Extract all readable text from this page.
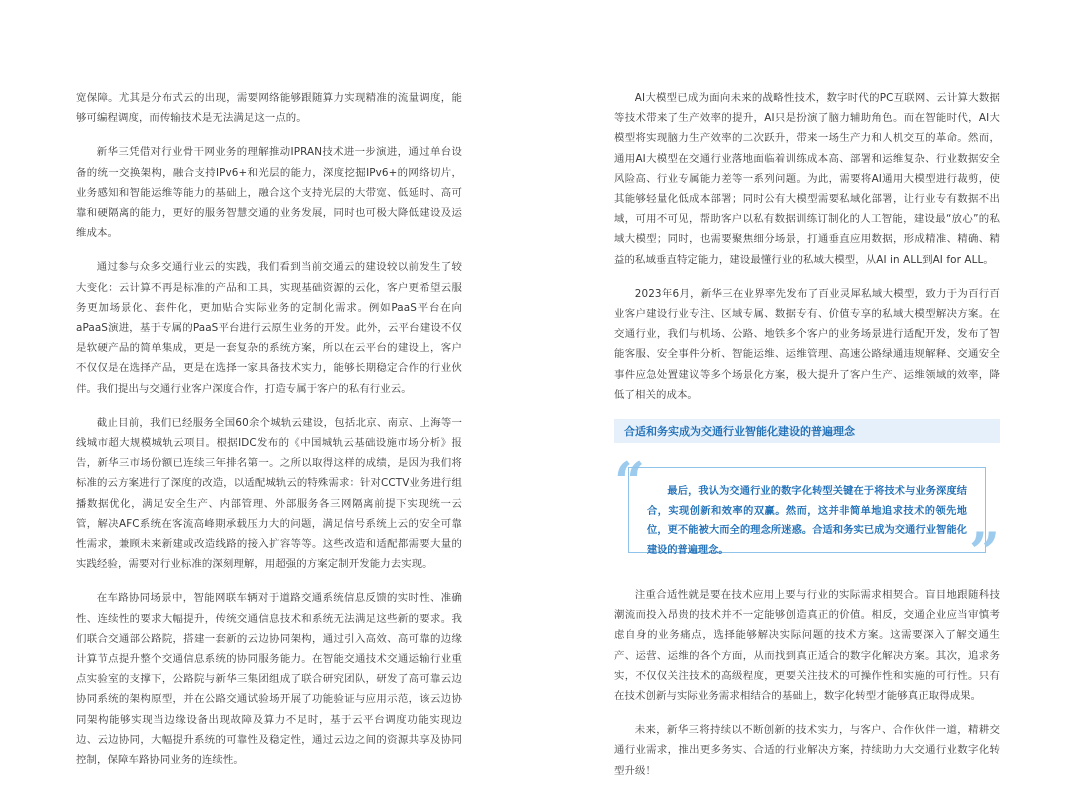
宽保障。尤其是分布式云的出现，需要网络能够跟随算力实现精准的流量调度，能够可编程调度，而传输技术是无法满足这一点的。

新华三凭借对行业骨干网业务的理解推动IPRAN技术进一步演进，通过单台设备的统一交换架构，融合支持IPv6+和光层的能力，深度挖掘IPv6+的网络切片，业务感知和智能运维等能力的基础上，融合这个支持光层的大带宽、低延时、高可靠和硬隔离的能力，更好的服务智慧交通的业务发展，同时也可极大降低建设及运维成本。

通过参与众多交通行业云的实践，我们看到当前交通云的建设较以前发生了较大变化：云计算不再是标准的产品和工具，实现基础资源的云化，客户更希望云服务更加场景化、套件化，更加贴合实际业务的定制化需求。例如PaaS平台在向aPaaS演进，基于专属的PaaS平台进行云原生业务的开发。此外，云平台建设不仅是软硬产品的简单集成，更是一套复杂的系统方案，所以在云平台的建设上，客户不仅仅是在选择产品，更是在选择一家具备技术实力，能够长期稳定合作的行业伙伴。我们提出与交通行业客户深度合作，打造专属于客户的私有行业云。

截止目前，我们已经服务全国60余个城轨云建设，包括北京、南京、上海等一线城市超大规模城轨云项目。根据IDC发布的《中国城轨云基础设施市场分析》报告，新华三市场份额已连续三年排名第一。之所以取得这样的成绩，是因为我们将标准的云方案进行了深度的改造，以适配城轨云的特殊需求：针对CCTV业务进行组播数据优化，满足安全生产、内部管理、外部服务各三网隔离前提下实现统一云管，解决AFC系统在客流高峰期承载压力大的问题，满足信号系统上云的安全可靠性需求，兼顾未来新建或改造线路的接入扩容等等。这些改造和适配都需要大量的实践经验，需要对行业标准的深刻理解，用超强的方案定制开发能力去实现。

在车路协同场景中，智能网联车辆对于道路交通系统信息反馈的实时性、准确性、连续性的要求大幅提升，传统交通信息技术和系统无法满足这些新的要求。我们联合交通部公路院，搭建一套新的云边协同架构，通过引入高效、高可靠的边缘计算节点提升整个交通信息系统的协同服务能力。在智能交通技术交通运输行业重点实验室的支撑下，公路院与新华三集团组成了联合研究团队，研发了高可靠云边协同系统的架构原型，并在公路交通试验场开展了功能验证与应用示范，该云边协同架构能够实现当边缘设备出现故障及算力不足时，基于云平台调度功能实现边边、云边协同，大幅提升系统的可靠性及稳定性，通过云边之间的资源共享及协同控制，保障车路协同业务的连续性。

AI大模型已成为面向未来的战略性技术，数字时代的PC互联网、云计算大数据等技术带来了生产效率的提升，AI只是扮演了脑力辅助角色。而在智能时代，AI大模型将实现脑力生产效率的二次跃升，带来一场生产力和人机交互的革命。然而，通用AI大模型在交通行业落地面临着训练成本高、部署和运维复杂、行业数据安全风险高、行业专属能力差等一系列问题。为此，需要将AI通用大模型进行裁剪，使其能够轻量化低成本部署；同时公有大模型需要私域化部署，让行业专有数据不出域，可用不可见，帮助客户以私有数据训练订制化的人工智能，建设最“放心”的私域大模型；同时，也需要聚焦细分场景，打通垂直应用数据，形成精准、精确、精益的私域垂直特定能力，建设最懂行业的私域大模型，从AI in ALL到AI for ALL。

2023年6月，新华三在业界率先发布了百业灵犀私域大模型，致力于为百行百业客户建设行业专注、区域专属、数据专有、价值专享的私域大模型解决方案。在交通行业，我们与机场、公路、地铁多个客户的业务场景进行适配开发，发布了智能客服、安全事件分析、智能运维、运维管理、高速公路绿通违规解释、交通安全事件应急处置建议等多个场景化方案，极大提升了客户生产、运维领域的效率，降低了相关的成本。

合适和务实成为交通行业智能化建设的普遍理念
“	最后，我认为交通行业的数字化转型关键在于将技术与业务深度结合，实现创新和效率的双赢。然而，这并非简单地追求技术的领先地位，更不能被大而全的理念所迷惑。合适和务实已成为交通行业智能化建设的普遍理念。	”

注重合适性就是要在技术应用上要与行业的实际需求相契合。盲目地跟随科技潮流而投入昂贵的技术并不一定能够创造真正的价值。相反，交通企业应当审慎考虑自身的业务痛点，选择能够解决实际问题的技术方案。这需要深入了解交通生产、运营、运维的各个方面，从而找到真正适合的数字化解决方案。其次，追求务实，不仅仅关注技术的高级程度，更要关注技术的可操作性和实施的可行性。只有在技术创新与实际业务需求相结合的基础上，数字化转型才能够真正取得成果。

未来，新华三将持续以不断创新的技术实力，与客户、合作伙伴一道，精耕交通行业需求，推出更多务实、合适的行业解决方案，持续助力大交通行业数字化转型升级！
